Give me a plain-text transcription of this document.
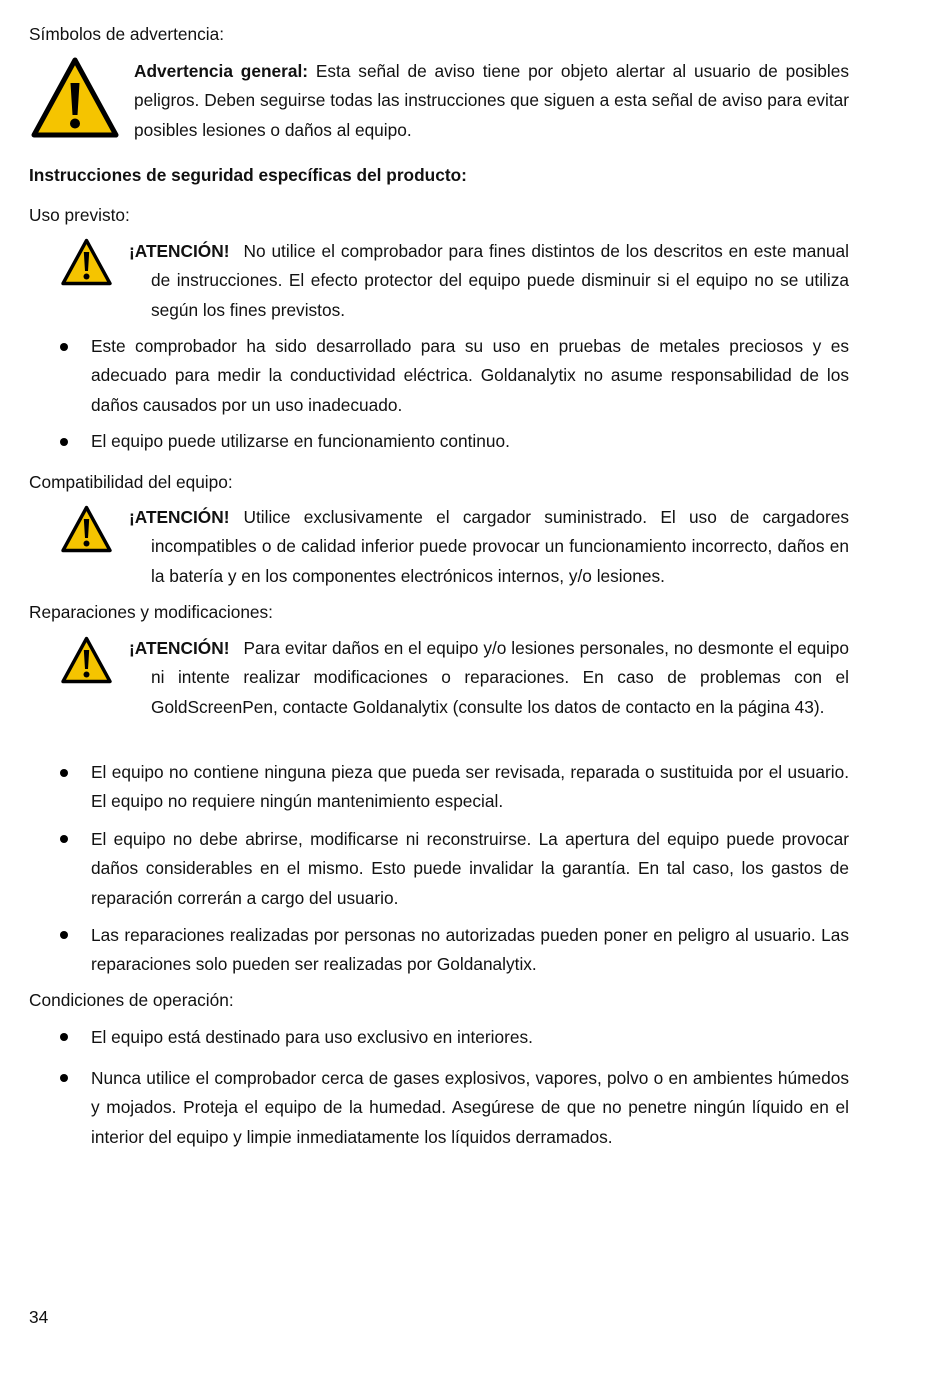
Símbolos de advertencia:
Advertencia general: Esta señal de aviso tiene por objeto alertar al usuario de posibles peligros. Deben seguirse todas las instrucciones que siguen a esta señal de aviso para evitar posibles lesiones o daños al equipo.
Instrucciones de seguridad específicas del producto:
Uso previsto:
¡ATENCIÓN! No utilice el comprobador para fines distintos de los descritos en este manual de instrucciones. El efecto protector del equipo puede disminuir si el equipo no se utiliza según los fines previstos.
Este comprobador ha sido desarrollado para su uso en pruebas de metales preciosos y es adecuado para medir la conductividad eléctrica. Goldanalytix no asume responsabilidad de los daños causados por un uso inadecuado.
El equipo puede utilizarse en funcionamiento continuo.
Compatibilidad del equipo:
¡ATENCIÓN! Utilice exclusivamente el cargador suministrado. El uso de cargadores incompatibles o de calidad inferior puede provocar un funcionamiento incorrecto, daños en la batería y en los componentes electrónicos internos, y/o lesiones.
Reparaciones y modificaciones:
¡ATENCIÓN! Para evitar daños en el equipo y/o lesiones personales, no desmonte el equipo ni intente realizar modificaciones o reparaciones. En caso de problemas con el GoldScreenPen, contacte Goldanalytix (consulte los datos de contacto en la página 43).
El equipo no contiene ninguna pieza que pueda ser revisada, reparada o sustituida por el usuario. El equipo no requiere ningún mantenimiento especial.
El equipo no debe abrirse, modificarse ni reconstruirse. La apertura del equipo puede provocar daños considerables en el mismo. Esto puede invalidar la garantía. En tal caso, los gastos de reparación correrán a cargo del usuario.
Las reparaciones realizadas por personas no autorizadas pueden poner en peligro al usuario. Las reparaciones solo pueden ser realizadas por Goldanalytix.
Condiciones de operación:
El equipo está destinado para uso exclusivo en interiores.
Nunca utilice el comprobador cerca de gases explosivos, vapores, polvo o en ambientes húmedos y mojados. Proteja el equipo de la humedad. Asegúrese de que no penetre ningún líquido en el interior del equipo y limpie inmediatamente los líquidos derramados.
34
